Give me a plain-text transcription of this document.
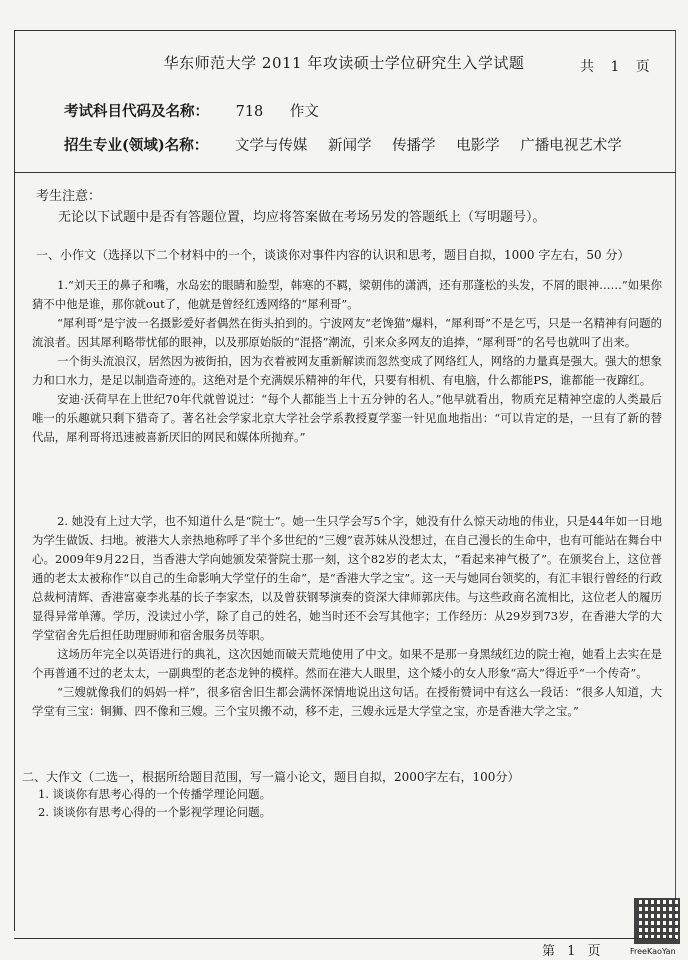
华东师范大学 2011 年攻读硕士学位研究生入学试题	共 1 页
考试科目代码及名称： 718 作文
招生专业(领域)名称： 文学与传媒 新闻学 传播学 电影学 广播电视艺术学
考生注意：
无论以下试题中是否有答题位置，均应将答案做在考场另发的答题纸上（写明题号）。
一、小作文（选择以下二个材料中的一个，谈谈你对事件内容的认识和思考，题目自拟，1000 字左右，50 分）

1.“刘天王的鼻子和嘴，水岛宏的眼睛和脸型，韩寒的不羁，梁朝伟的潇洒，还有那蓬松的头发，不屑的眼神……”如果你猜不中他是谁，那你就out了，他就是曾经红透网络的“犀利哥”。

“犀利哥”是宁波一名摄影爱好者偶然在街头拍到的。宁波网友“老馋猫”爆料，“犀利哥”不是乞丐，只是一名精神有问题的流浪者。因其犀利略带忧郁的眼神，以及那原始版的“混搭”潮流，引来众多网友的追捧，“犀利哥”的名号也就叫了出来。

一个街头流浪汉，居然因为被街拍，因为衣着被网友重新解读而忽然变成了网络红人，网络的力量真是强大。强大的想象力和口水力，是足以制造奇迹的。这绝对是个充满娱乐精神的年代，只要有相机、有电脑，什么都能PS，谁都能一夜蹿红。

安迪·沃荷早在上世纪70年代就曾说过：“每个人都能当上十五分钟的名人。”他早就看出，物质充足精神空虚的人类最后唯一的乐趣就只剩下猎奇了。著名社会学家北京大学社会学系教授夏学銮一针见血地指出：“可以肯定的是，一旦有了新的替代品，犀利哥将迅速被喜新厌旧的网民和媒体所抛弃。”

2. 她没有上过大学，也不知道什么是“院士”。她一生只学会写5个字，她没有什么惊天动地的伟业，只是44年如一日地为学生做饭、扫地。被港大人亲热地称呼了半个多世纪的“三嫂”袁苏妹从没想过，在自己漫长的生命中，也有可能站在舞台中心。2009年9月22日，当香港大学向她颁发荣誉院士那一刻，这个82岁的老太太，“看起来神气极了”。在颁奖台上，这位普通的老太太被称作“以自己的生命影响大学堂仔的生命”，是“香港大学之宝”。这一天与她同台领奖的，有汇丰银行曾经的行政总裁柯清辉、香港富豪李兆基的长子李家杰，以及曾获钢琴演奏的资深大律师郭庆伟。与这些政商名流相比，这位老人的履历显得异常单薄。学历，没读过小学，除了自己的姓名，她当时还不会写其他字；工作经历：从29岁到73岁，在香港大学的大学堂宿舍先后担任助理厨师和宿舍服务员等职。

这场历年完全以英语进行的典礼，这次因她而破天荒地使用了中文。如果不是那一身黑绒红边的院士袍，她看上去实在是个再普通不过的老太太，一副典型的老态龙钟的模样。然而在港大人眼里，这个矮小的女人形象“高大”得近乎“一个传奇”。

“三嫂就像我们的妈妈一样”，很多宿舍旧生都会满怀深情地说出这句话。在授衔赞词中有这么一段话：“很多人知道，大学堂有三宝：铜狮、四不像和三嫂。三个宝贝搬不动，移不走，三嫂永远是大学堂之宝，亦是香港大学之宝。”

二、大作文（二选一，根据所给题目范围，写一篇小论文，题目自拟，2000字左右，100分）
1. 谈谈你有思考心得的一个传播学理论问题。
2. 谈谈你有思考心得的一个影视学理论问题。
FreeKaoYan
第 1 页
